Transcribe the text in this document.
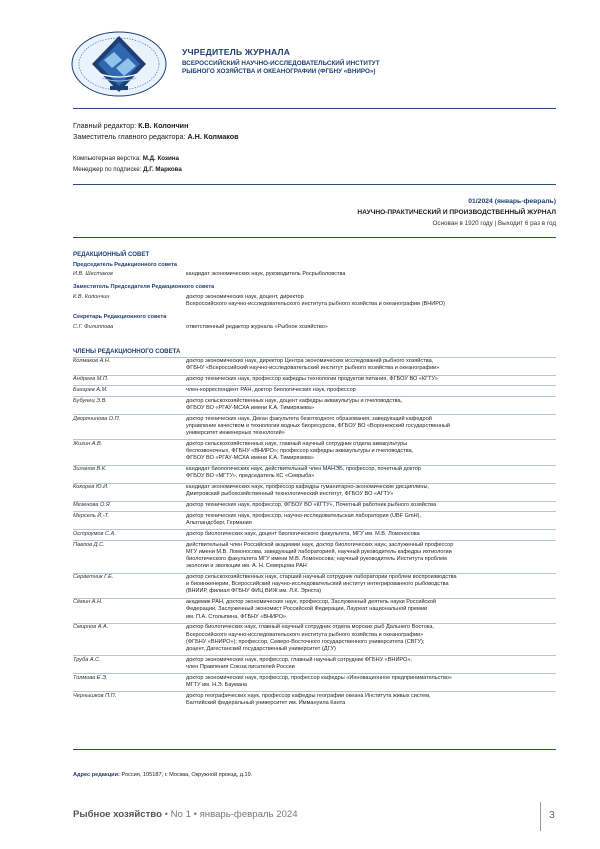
УЧРЕДИТЕЛЬ ЖУРНАЛА
ВСЕРОССИЙСКИЙ НАУЧНО-ИССЛЕДОВАТЕЛЬСКИЙ ИНСТИТУТ
РЫБНОГО ХОЗЯЙСТВА И ОКЕАНОГРАФИИ (ФГБНУ «ВНИРО»)
Главный редактор: К.В. Колончин
Заместитель главного редактора: А.Н. Колмаков
Компьютерная верстка: М.Д. Козина
Менеджер по подписке: Д.Г. Маркова
01/2024 (январь-февраль)
НАУЧНО-ПРАКТИЧЕСКИЙ И ПРОИЗВОДСТВЕННЫЙ ЖУРНАЛ
Основан в 1920 году | Выходит 6 раз в год
РЕДАКЦИОННЫЙ СОВЕТ
Председатель Редакционного совета
И.В. Шестаков	кандидат экономических наук, руководитель Росрыболовства
Заместитель Председателя Редакционного совета
К.В. Колончин	доктор экономических наук, доцент, директор
Всероссийского научно-исследовательского института рыбного хозяйства и океанографии (ВНИРО)
Секретарь Редакционного совета
С.Г. Филиппова	ответственный редактор журнала «Рыбное хозяйство»
ЧЛЕНЫ РЕДАКЦИОННОГО СОВЕТА
Колмаков А.Н.	доктор экономических наук, директор Центра экономических исследований рыбного хозяйства,
ФГБНУ «Всероссийский научно-исследовательский институт рыбного хозяйства и океанографии»
Андреев М.П.	доктор технических наук, профессор кафедры технологии продуктов питания, ФГБОУ ВО «КГТУ»
Бахарев А.М.	член-корреспондент РАН, доктор биологических наук, профессор
Бубунец Э.В.	доктор сельскохозяйственных наук, доцент кафедры аквакультуры и пчеловодства,
ФГБОУ ВО «РГАУ-МСХА имени К.А. Тимирязева»
Дворянинова О.П.	доктор технических наук, Декан факультета безотходного образования, заведующий кафедрой
управление качеством и технологии водных биоресурсов, ФГБОУ ВО «Воронежский государственный
университет инженерных технологий»
Жигин А.В.	доктор сельскохозяйственных наук, главный научный сотрудник отдела аквакультуры
беспозвоночных, ФГБНУ «ВНИРО»; профессор кафедры аквакультуры и пчеловодства,
ФГБОУ ВО «РГАУ-МСХА имени К.А. Тимирязева»
Зиланов В.К.	кандидат биологических наук, действительный член МАНЭБ, профессор, почетный доктор
ФГБОУ ВО «МГТУ», председатель КС «Севрыба»
Кокорев Ю.И.	кандидат экономических наук, профессор кафедры гуманитарно-экономические дисциплины,
Дмитровский рыбохозяйственный технологический институт, ФГБОУ ВО «АГТУ»
Мезенова О.Я	доктор технических наук, профессор, ФГБОУ ВО «КГТУ», Почетный работник рыбного хозяйства
Мерсель Й.-Т.	доктор технических наук, профессор, научно-исследовательская лаборатория (UBF GmH),
Альтландсберг, Германия
Остроумов С.А.	доктор биологических наук, доцент биологического факультета, МГУ им. М.В. Ломоносова
Павлов Д.С.	действительный член Российской академии наук, доктор биологических наук, заслуженный профессор
МГУ имени М.В. Ломоносова, заведующий лабораторией, научный руководитель кафедры ихтиологии
биологического факультета МГУ имени М.В. Ломоносова; научный руководитель Института проблем
экологии и эволюции им. А. Н. Северцова РАН
Серветник Г.Е.	доктор сельскохозяйственных наук, старший научный сотрудник лаборатории проблем воспроизводства
и биоинженерии, Всероссийский научно-исследовательский институт интегрированного рыбоводства
(ВНИИР, филиал ФГБНУ ФИЦ ВИЖ им. Л.К. Эрнста)
Сёмин А.Н.	академик РАН, доктор экономических наук, профессор, Заслуженный деятель науки Российской
Федерации, Заслуженный экономист Российской Федерации, Лауреат национальной премии
им. П.А. Столыпина, ФГБНУ «ВНИРО»
Смирнов А.А.	доктор биологических наук, главный научный сотрудник отдела морских рыб Дальнего Востока,
Всероссийского научно-исследовательского института рыбного хозяйства и океанографии»
(ФГБНУ «ВНИРО»); профессор, Северо-Восточного государственного университета (СВГУ);
доцент, Дагестанский государственный университет (ДГУ)
Труба А.С.	доктор экономических наук, профессор, главный научный сотрудник ФГБНУ «ВНИРО»,
член Правления Союза писателей России
Толмова Е.Э.	доктор экономических наук, профессор, профессор кафедры «Инновационное предпринимательство»
МГТУ им. Н.Э. Баумана
Чернышков П.П.	доктор географических наук, профессор кафедры географии океана Института живых систем,
Балтийский федеральный университет им. Иммануила Канта
Адрес редакции: Россия, 105187, г. Москва, Окружной проезд, д.19.
Рыбное хозяйство • No 1 • январь-февраль 2024	3
